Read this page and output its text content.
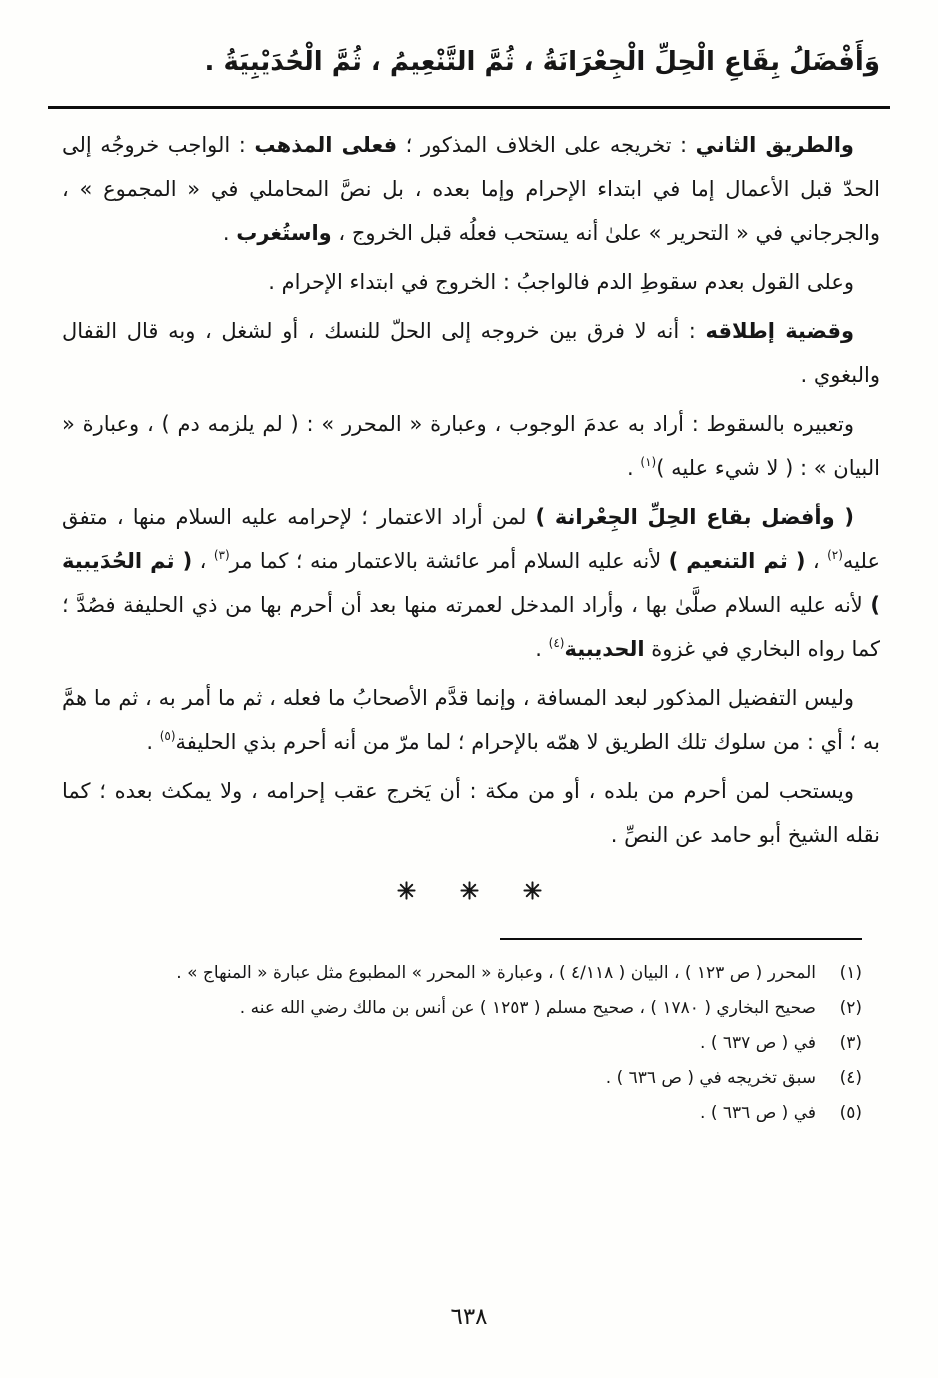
وَأَفْضَلُ بِقَاعِ الْحِلِّ الْجِعْرَانَةُ ، ثُمَّ التَّنْعِيمُ ، ثُمَّ الْحُدَيْبِيَةُ .

والطريق الثاني : تخريجه على الخلاف المذكور ؛ فعلى المذهب : الواجب خروجُه إلى الحدّ قبل الأعمال إما في ابتداء الإحرام وإما بعده ، بل نصَّ المحاملي في « المجموع » ، والجرجاني في « التحرير » علىٰ أنه يستحب فعلُه قبل الخروج ، واستُغرب .

وعلى القول بعدم سقوطِ الدم فالواجبُ : الخروج في ابتداء الإحرام .

وقضية إطلاقه : أنه لا فرق بين خروجه إلى الحلّ للنسك ، أو لشغل ، وبه قال القفال والبغوي .

وتعبيره بالسقوط : أراد به عدمَ الوجوب ، وعبارة « المحرر » : ( لم يلزمه دم ) ، وعبارة « البيان » : ( لا شيء عليه )$^{(١)}$ .

( وأفضل بقاع الحِلِّ الجِعْرانة ) لمن أراد الاعتمار ؛ لإحرامه عليه السلام منها ، متفق عليه$^{(٢)}$ ، ( ثم التنعيم ) لأنه عليه السلام أمر عائشة بالاعتمار منه ؛ كما مر$^{(٣)}$ ، ( ثم الحُدَيبية ) لأنه عليه السلام صلَّىٰ بها ، وأراد المدخل لعمرته منها بعد أن أحرم بها من ذي الحليفة فصُدَّ ؛ كما رواه البخاري في غزوة الحديبية$^{(٤)}$ .

وليس التفضيل المذكور لبعد المسافة ، وإنما قدَّم الأصحابُ ما فعله ، ثم ما أمر به ، ثم ما همَّ به ؛ أي : من سلوك تلك الطريق لا همّه بالإحرام ؛ لما مرّ من أنه أحرم بذي الحليفة$^{(٥)}$ .

ويستحب لمن أحرم من بلده ، أو من مكة : أن يَخرج عقب إحرامه ، ولا يمكث بعده ؛ كما نقله الشيخ أبو حامد عن النصِّ .

(١)
المحرر ( ص ١٢٣ ) ، البيان ( ٤/١١٨ ) ، وعبارة « المحرر » المطبوع مثل عبارة « المنهاج » .
(٢)
صحيح البخاري ( ١٧٨٠ ) ، صحيح مسلم ( ١٢٥٣ ) عن أنس بن مالك رضي الله عنه .
(٣)
في ( ص ٦٣٧ ) .
(٤)
سبق تخريجه في ( ص ٦٣٦ ) .
(٥)
في ( ص ٦٣٦ ) .
٦٣٨
